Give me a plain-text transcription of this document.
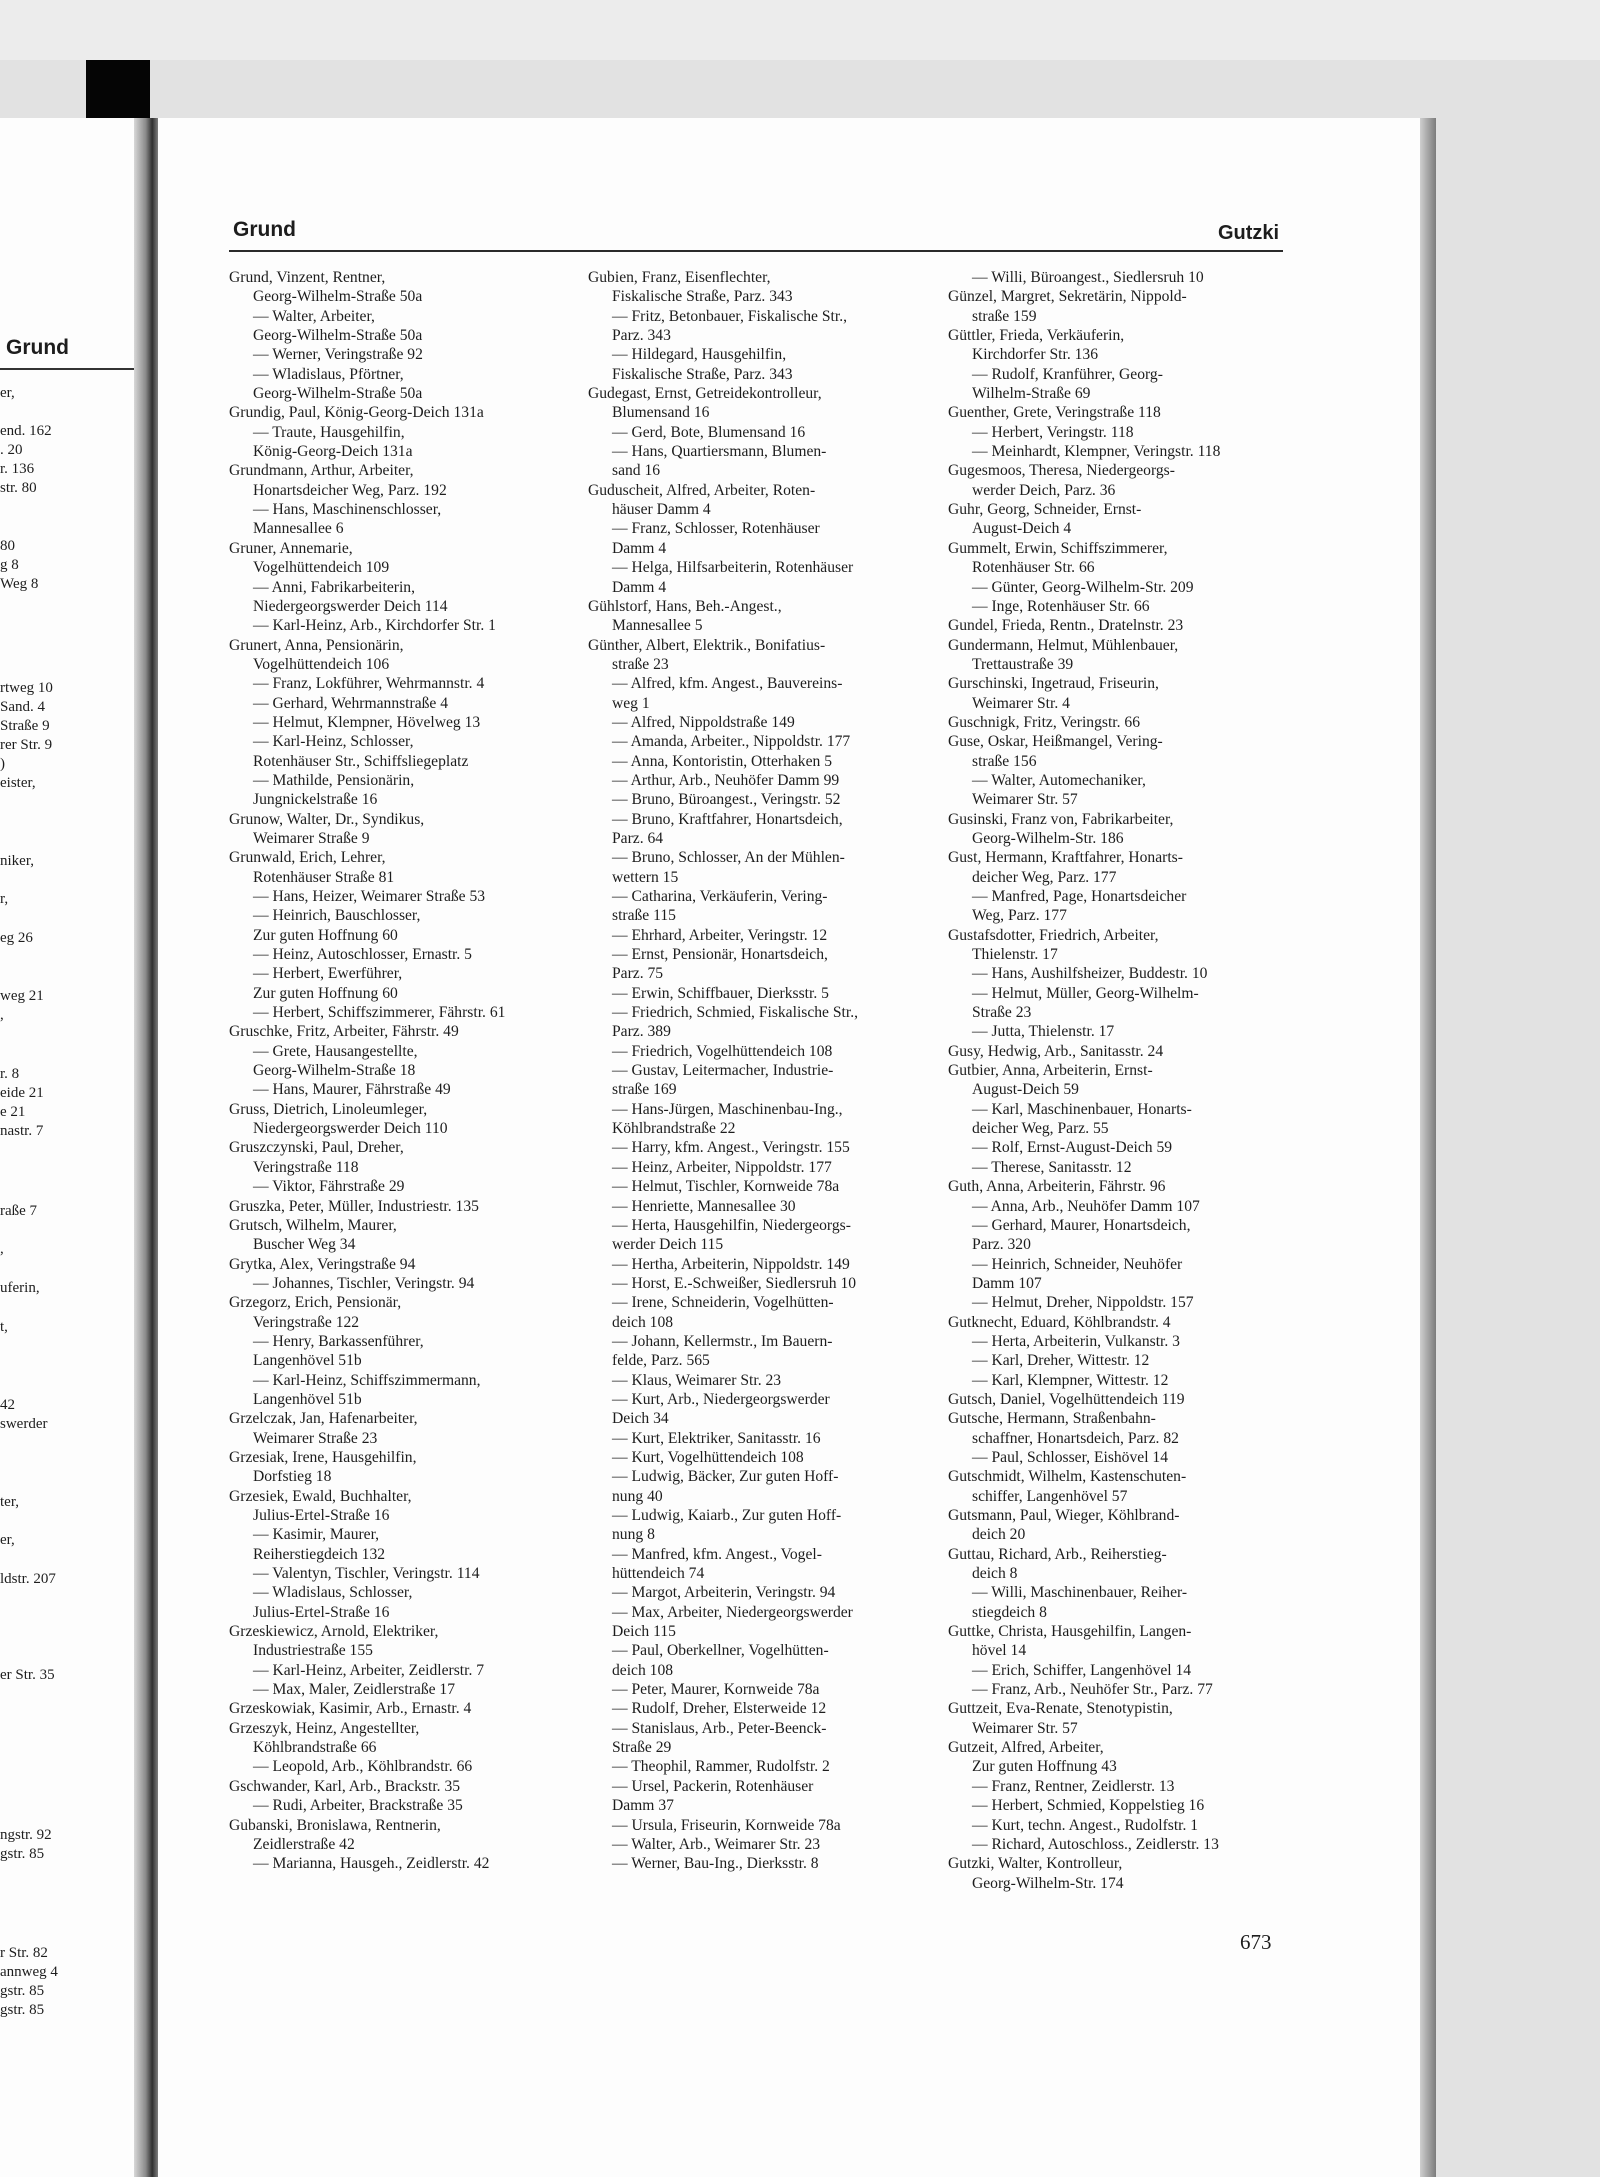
Grund
er,
end. 162
. 20
r. 136
str. 80
80
g 8
Weg 8
rtweg 10
Sand. 4
Straße 9
rer Str. 9
)
eister,
niker,
r,
eg 26
weg 21
,
r. 8
eide 21
e 21
nastr. 7
raße 7
,
uferin,
t,
42
swerder
ter,
er,
ldstr. 207
er Str. 35
ngstr. 92
gstr. 85
r Str. 82
annweg 4
gstr. 85
gstr. 85
Grund	Gutzki
Grund, Vinzent, Rentner,
Georg-Wilhelm-Straße 50a
— Walter, Arbeiter,
Georg-Wilhelm-Straße 50a
— Werner, Veringstraße 92
— Wladislaus, Pförtner,
Georg-Wilhelm-Straße 50a
Grundig, Paul, König-Georg-Deich 131a
— Traute, Hausgehilfin,
König-Georg-Deich 131a
Grundmann, Arthur, Arbeiter,
Honartsdeicher Weg, Parz. 192
— Hans, Maschinenschlosser,
Mannesallee 6
Gruner, Annemarie,
Vogelhüttendeich 109
— Anni, Fabrikarbeiterin,
Niedergeorgswerder Deich 114
— Karl-Heinz, Arb., Kirchdorfer Str. 1
Grunert, Anna, Pensionärin,
Vogelhüttendeich 106
— Franz, Lokführer, Wehrmannstr. 4
— Gerhard, Wehrmannstraße 4
— Helmut, Klempner, Hövelweg 13
— Karl-Heinz, Schlosser,
Rotenhäuser Str., Schiffsliegeplatz
— Mathilde, Pensionärin,
Jungnickelstraße 16
Grunow, Walter, Dr., Syndikus,
Weimarer Straße 9
Grunwald, Erich, Lehrer,
Rotenhäuser Straße 81
— Hans, Heizer, Weimarer Straße 53
— Heinrich, Bauschlosser,
Zur guten Hoffnung 60
— Heinz, Autoschlosser, Ernastr. 5
— Herbert, Ewerführer,
Zur guten Hoffnung 60
— Herbert, Schiffszimmerer, Fährstr. 61
Gruschke, Fritz, Arbeiter, Fährstr. 49
— Grete, Hausangestellte,
Georg-Wilhelm-Straße 18
— Hans, Maurer, Fährstraße 49
Gruss, Dietrich, Linoleumleger,
Niedergeorgswerder Deich 110
Gruszczynski, Paul, Dreher,
Veringstraße 118
— Viktor, Fährstraße 29
Gruszka, Peter, Müller, Industriestr. 135
Grutsch, Wilhelm, Maurer,
Buscher Weg 34
Grytka, Alex, Veringstraße 94
— Johannes, Tischler, Veringstr. 94
Grzegorz, Erich, Pensionär,
Veringstraße 122
— Henry, Barkassenführer,
Langenhövel 51b
— Karl-Heinz, Schiffszimmermann,
Langenhövel 51b
Grzelczak, Jan, Hafenarbeiter,
Weimarer Straße 23
Grzesiak, Irene, Hausgehilfin,
Dorfstieg 18
Grzesiek, Ewald, Buchhalter,
Julius-Ertel-Straße 16
— Kasimir, Maurer,
Reiherstiegdeich 132
— Valentyn, Tischler, Veringstr. 114
— Wladislaus, Schlosser,
Julius-Ertel-Straße 16
Grzeskiewicz, Arnold, Elektriker,
Industriestraße 155
— Karl-Heinz, Arbeiter, Zeidlerstr. 7
— Max, Maler, Zeidlerstraße 17
Grzeskowiak, Kasimir, Arb., Ernastr. 4
Grzeszyk, Heinz, Angestellter,
Köhlbrandstraße 66
— Leopold, Arb., Köhlbrandstr. 66
Gschwander, Karl, Arb., Brackstr. 35
— Rudi, Arbeiter, Brackstraße 35
Gubanski, Bronislawa, Rentnerin,
Zeidlerstraße 42
— Marianna, Hausgeh., Zeidlerstr. 42
Gubien, Franz, Eisenflechter,
Fiskalische Straße, Parz. 343
— Fritz, Betonbauer, Fiskalische Str.,
Parz. 343
— Hildegard, Hausgehilfin,
Fiskalische Straße, Parz. 343
Gudegast, Ernst, Getreidekontrolleur,
Blumensand 16
— Gerd, Bote, Blumensand 16
— Hans, Quartiersmann, Blumen-
sand 16
Guduscheit, Alfred, Arbeiter, Roten-
häuser Damm 4
— Franz, Schlosser, Rotenhäuser
Damm 4
— Helga, Hilfsarbeiterin, Rotenhäuser
Damm 4
Gühlstorf, Hans, Beh.-Angest.,
Mannesallee 5
Günther, Albert, Elektrik., Bonifatius-
straße 23
— Alfred, kfm. Angest., Bauvereins-
weg 1
— Alfred, Nippoldstraße 149
— Amanda, Arbeiter., Nippoldstr. 177
— Anna, Kontoristin, Otterhaken 5
— Arthur, Arb., Neuhöfer Damm 99
— Bruno, Büroangest., Veringstr. 52
— Bruno, Kraftfahrer, Honartsdeich,
Parz. 64
— Bruno, Schlosser, An der Mühlen-
wettern 15
— Catharina, Verkäuferin, Vering-
straße 115
— Ehrhard, Arbeiter, Veringstr. 12
— Ernst, Pensionär, Honartsdeich,
Parz. 75
— Erwin, Schiffbauer, Dierksstr. 5
— Friedrich, Schmied, Fiskalische Str.,
Parz. 389
— Friedrich, Vogelhüttendeich 108
— Gustav, Leitermacher, Industrie-
straße 169
— Hans-Jürgen, Maschinenbau-Ing.,
Köhlbrandstraße 22
— Harry, kfm. Angest., Veringstr. 155
— Heinz, Arbeiter, Nippoldstr. 177
— Helmut, Tischler, Kornweide 78a
— Henriette, Mannesallee 30
— Herta, Hausgehilfin, Niedergeorgs-
werder Deich 115
— Hertha, Arbeiterin, Nippoldstr. 149
— Horst, E.-Schweißer, Siedlersruh 10
— Irene, Schneiderin, Vogelhütten-
deich 108
— Johann, Kellermstr., Im Bauern-
felde, Parz. 565
— Klaus, Weimarer Str. 23
— Kurt, Arb., Niedergeorgswerder
Deich 34
— Kurt, Elektriker, Sanitasstr. 16
— Kurt, Vogelhüttendeich 108
— Ludwig, Bäcker, Zur guten Hoff-
nung 40
— Ludwig, Kaiarb., Zur guten Hoff-
nung 8
— Manfred, kfm. Angest., Vogel-
hüttendeich 74
— Margot, Arbeiterin, Veringstr. 94
— Max, Arbeiter, Niedergeorgswerder
Deich 115
— Paul, Oberkellner, Vogelhütten-
deich 108
— Peter, Maurer, Kornweide 78a
— Rudolf, Dreher, Elsterweide 12
— Stanislaus, Arb., Peter-Beenck-
Straße 29
— Theophil, Rammer, Rudolfstr. 2
— Ursel, Packerin, Rotenhäuser
Damm 37
— Ursula, Friseurin, Kornweide 78a
— Walter, Arb., Weimarer Str. 23
— Werner, Bau-Ing., Dierksstr. 8
— Willi, Büroangest., Siedlersruh 10
Günzel, Margret, Sekretärin, Nippold-
straße 159
Güttler, Frieda, Verkäuferin,
Kirchdorfer Str. 136
— Rudolf, Kranführer, Georg-
Wilhelm-Straße 69
Guenther, Grete, Veringstraße 118
— Herbert, Veringstr. 118
— Meinhardt, Klempner, Veringstr. 118
Gugesmoos, Theresa, Niedergeorgs-
werder Deich, Parz. 36
Guhr, Georg, Schneider, Ernst-
August-Deich 4
Gummelt, Erwin, Schiffszimmerer,
Rotenhäuser Str. 66
— Günter, Georg-Wilhelm-Str. 209
— Inge, Rotenhäuser Str. 66
Gundel, Frieda, Rentn., Dratelnstr. 23
Gundermann, Helmut, Mühlenbauer,
Trettaustraße 39
Gurschinski, Ingetraud, Friseurin,
Weimarer Str. 4
Guschnigk, Fritz, Veringstr. 66
Guse, Oskar, Heißmangel, Vering-
straße 156
— Walter, Automechaniker,
Weimarer Str. 57
Gusinski, Franz von, Fabrikarbeiter,
Georg-Wilhelm-Str. 186
Gust, Hermann, Kraftfahrer, Honarts-
deicher Weg, Parz. 177
— Manfred, Page, Honartsdeicher
Weg, Parz. 177
Gustafsdotter, Friedrich, Arbeiter,
Thielenstr. 17
— Hans, Aushilfsheizer, Buddestr. 10
— Helmut, Müller, Georg-Wilhelm-
Straße 23
— Jutta, Thielenstr. 17
Gusy, Hedwig, Arb., Sanitasstr. 24
Gutbier, Anna, Arbeiterin, Ernst-
August-Deich 59
— Karl, Maschinenbauer, Honarts-
deicher Weg, Parz. 55
— Rolf, Ernst-August-Deich 59
— Therese, Sanitasstr. 12
Guth, Anna, Arbeiterin, Fährstr. 96
— Anna, Arb., Neuhöfer Damm 107
— Gerhard, Maurer, Honartsdeich,
Parz. 320
— Heinrich, Schneider, Neuhöfer
Damm 107
— Helmut, Dreher, Nippoldstr. 157
Gutknecht, Eduard, Köhlbrandstr. 4
— Herta, Arbeiterin, Vulkanstr. 3
— Karl, Dreher, Wittestr. 12
— Karl, Klempner, Wittestr. 12
Gutsch, Daniel, Vogelhüttendeich 119
Gutsche, Hermann, Straßenbahn-
schaffner, Honartsdeich, Parz. 82
— Paul, Schlosser, Eishövel 14
Gutschmidt, Wilhelm, Kastenschuten-
schiffer, Langenhövel 57
Gutsmann, Paul, Wieger, Köhlbrand-
deich 20
Guttau, Richard, Arb., Reiherstieg-
deich 8
— Willi, Maschinenbauer, Reiher-
stiegdeich 8
Guttke, Christa, Hausgehilfin, Langen-
hövel 14
— Erich, Schiffer, Langenhövel 14
— Franz, Arb., Neuhöfer Str., Parz. 77
Guttzeit, Eva-Renate, Stenotypistin,
Weimarer Str. 57
Gutzeit, Alfred, Arbeiter,
Zur guten Hoffnung 43
— Franz, Rentner, Zeidlerstr. 13
— Herbert, Schmied, Koppelstieg 16
— Kurt, techn. Angest., Rudolfstr. 1
— Richard, Autoschloss., Zeidlerstr. 13
Gutzki, Walter, Kontrolleur,
Georg-Wilhelm-Str. 174
673
